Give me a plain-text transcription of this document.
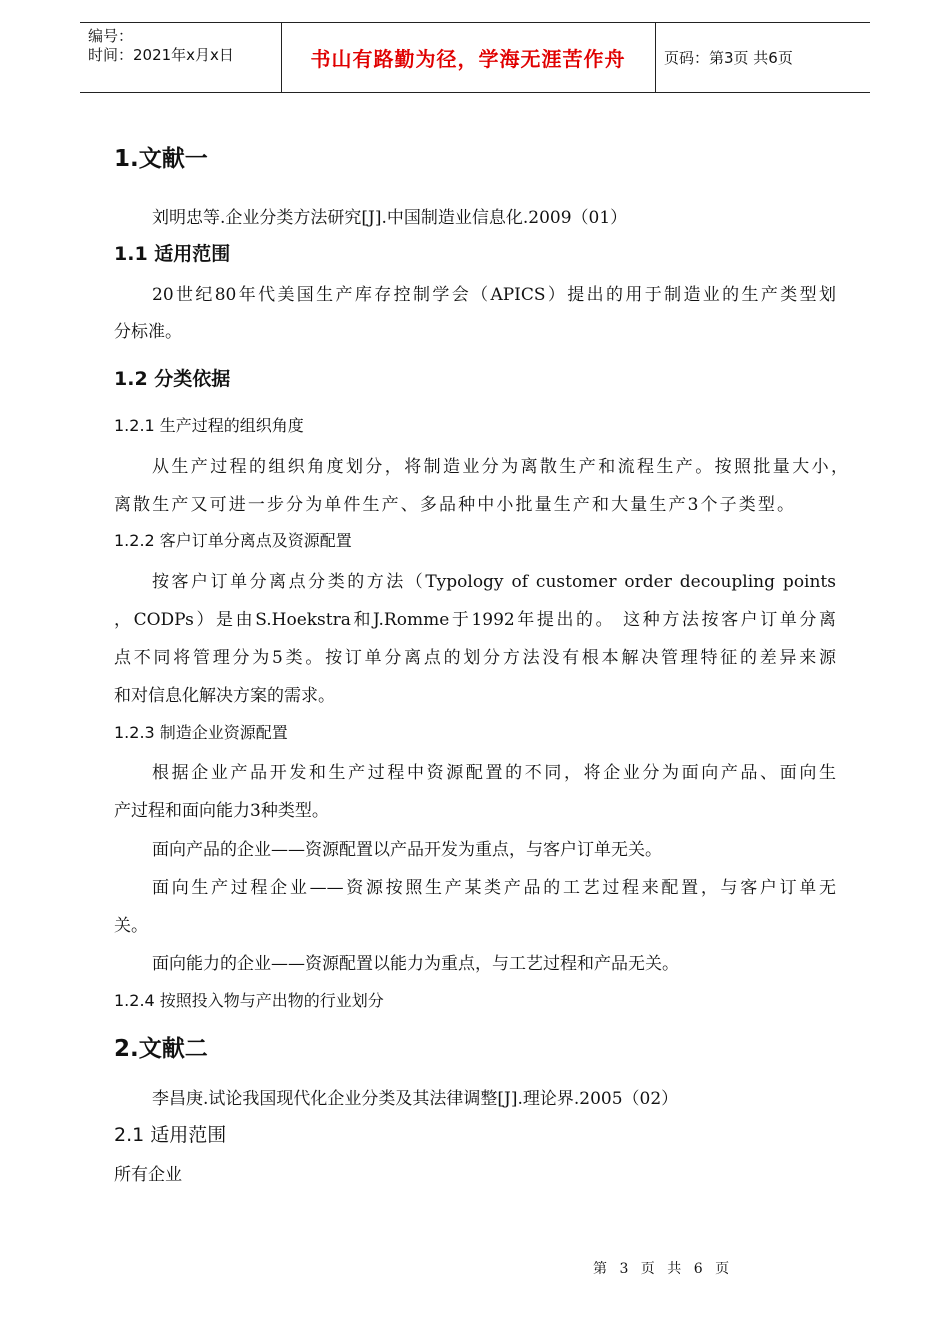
编号：
时间：2021年x月x日	书山有路勤为径，学海无涯苦作舟	页码：第3页 共6页
1.文献一
刘明忠等.企业分类方法研究[J].中国制造业信息化.2009（01）
1.1 适用范围
20世纪80年代美国生产库存控制学会（APICS）提出的用于制造业的生产类型划
分标准。
1.2 分类依据
1.2.1 生产过程的组织角度
从生产过程的组织角度划分，将制造业分为离散生产和流程生产。按照批量大小，
离散生产又可进一步分为单件生产、多品种中小批量生产和大量生产3个子类型。
1.2.2 客户订单分离点及资源配置
按客户订单分离点分类的方法（Typology of customer order decoupling points
，CODPs）是由S.Hoekstra和J.Romme于1992年提出的。 这种方法按客户订单分离
点不同将管理分为5类。按订单分离点的划分方法没有根本解决管理特征的差异来源
和对信息化解决方案的需求。
1.2.3 制造企业资源配置
根据企业产品开发和生产过程中资源配置的不同，将企业分为面向产品、面向生
产过程和面向能力3种类型。
面向产品的企业——资源配置以产品开发为重点，与客户订单无关。
面向生产过程企业——资源按照生产某类产品的工艺过程来配置，与客户订单无
关。
面向能力的企业——资源配置以能力为重点，与工艺过程和产品无关。
1.2.4 按照投入物与产出物的行业划分
2.文献二
李昌庚.试论我国现代化企业分类及其法律调整[J].理论界.2005（02）
2.1 适用范围
所有企业
第 3 页 共 6 页
